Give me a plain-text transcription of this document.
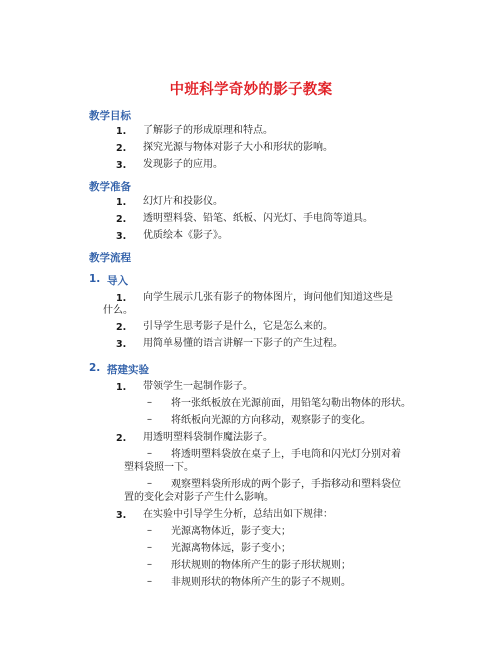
中班科学奇妙的影子教案
教学目标
1. 了解影子的形成原理和特点。
2. 探究光源与物体对影子大小和形状的影响。
3. 发现影子的应用。
教学准备
1. 幻灯片和投影仪。
2. 透明塑料袋、铅笔、纸板、闪光灯、手电筒等道具。
3. 优质绘本《影子》。
教学流程
1. 导入
1. 向学生展示几张有影子的物体图片，询问他们知道这些是
什么。
2. 引导学生思考影子是什么，它是怎么来的。
3. 用简单易懂的语言讲解一下影子的产生过程。
2. 搭建实验
1. 带领学生一起制作影子。
– 将一张纸板放在光源前面，用铅笔勾勒出物体的形状。
– 将纸板向光源的方向移动，观察影子的变化。
2. 用透明塑料袋制作魔法影子。
– 将透明塑料袋放在桌子上，手电筒和闪光灯分别对着
塑料袋照一下。
– 观察塑料袋所形成的两个影子，手指移动和塑料袋位
置的变化会对影子产生什么影响。
3. 在实验中引导学生分析，总结出如下规律：
– 光源离物体近，影子变大；
– 光源离物体远，影子变小；
– 形状规则的物体所产生的影子形状规则；
– 非规则形状的物体所产生的影子不规则。
